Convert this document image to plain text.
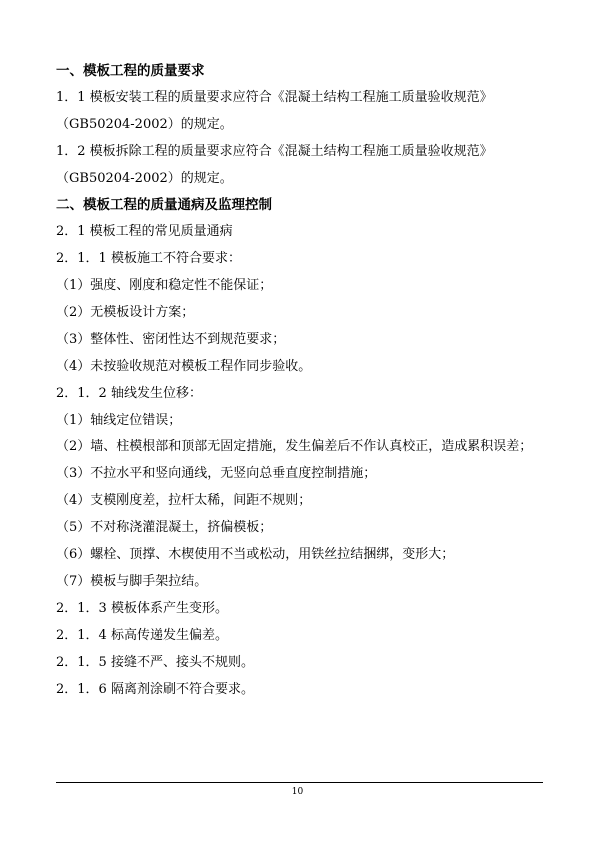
一、模板工程的质量要求
1．1 模板安装工程的质量要求应符合《混凝土结构工程施工质量验收规范》
（GB50204-2002）的规定。
1．2 模板拆除工程的质量要求应符合《混凝土结构工程施工质量验收规范》
（GB50204-2002）的规定。
二、模板工程的质量通病及监理控制
2．1 模板工程的常见质量通病
2．1．1 模板施工不符合要求：
（1）强度、刚度和稳定性不能保证；
（2）无模板设计方案；
（3）整体性、密闭性达不到规范要求；
（4）未按验收规范对模板工程作同步验收。
2．1．2 轴线发生位移：
（1）轴线定位错误；
（2）墙、柱模根部和顶部无固定措施，发生偏差后不作认真校正，造成累积误差；
（3）不拉水平和竖向通线，无竖向总垂直度控制措施；
（4）支模刚度差，拉杆太稀，间距不规则；
（5）不对称浇灌混凝土，挤偏模板；
（6）螺栓、顶撑、木楔使用不当或松动，用铁丝拉结捆绑，变形大；
（7）模板与脚手架拉结。
2．1．3 模板体系产生变形。
2．1．4 标高传递发生偏差。
2．1．5 接缝不严、接头不规则。
2．1．6 隔离剂涂刷不符合要求。
10
